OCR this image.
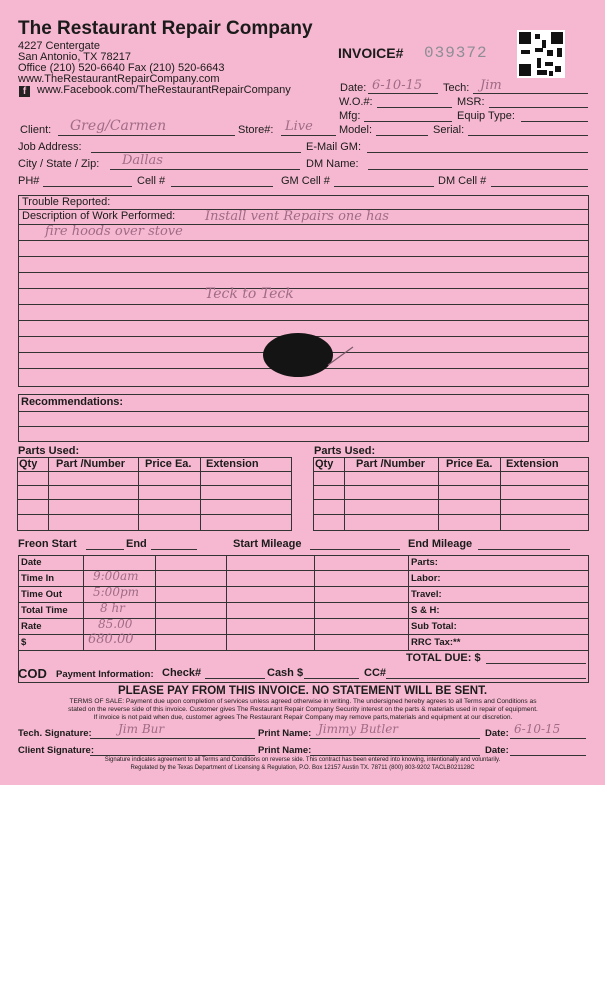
The Restaurant Repair Company
4227 Centergate
San Antonio, TX 78217
Office (210) 520-6640 Fax (210) 520-6643
www.TheRestaurantRepairCompany.com
f www.Facebook.com/TheRestaurantRepairCompany
INVOICE# 039372
Date: 6-10-15 Tech: Jim
W.O.#:	MSR:
Mfg:	Equip Type:
Client: Greg/Carmen	Store#: Live Model:	Serial:
Job Address:	E-Mail GM:
City / State / Zip: Dallas	DM Name:
PH#	Cell #	GM Cell #	DM Cell #
Trouble Reported:
Description of Work Performed: Install vent Repairs one has
fire hoods over stove
Teck to Teck
Recommendations:
Parts Used:
Qty Part /Number Price Ea. Extension
Parts Used:
Qty Part /Number Price Ea. Extension
Freon Start	End	Start Mileage	End Mileage
Date
Time In	9:00am
Time Out	5:00pm
Total Time	8 hr
Rate	85.00
$	680.00
Parts:
Labor:
Travel:
S & H:
Sub Total:
RRC Tax:**
TOTAL DUE: $
COD Payment Information: Check#	Cash $	CC#
PLEASE PAY FROM THIS INVOICE. NO STATEMENT WILL BE SENT.
TERMS OF SALE: Payment due upon completion of services unless agreed otherwise in writing. The undersigned hereby agrees to all Terms and Conditions as
stated on the reverse side of this invoice. Customer gives The Restaurant Repair Company Security interest on the parts & materials used in repair of equipment.
If invoice is not paid when due, customer agrees The Restaurant Repair Company may remove parts,materials and equipment at our discretion.
Tech. Signature: Jim Bur	Print Name: Jimmy Butler	Date: 6-10-15
Client Signature:	Print Name:	Date:
Signature indicates agreement to all Terms and Conditions on reverse side. This contract has been entered into knowing, intentionally and voluntarily.
Regulated by the Texas Department of Licensing & Regulation, P.O. Box 12157 Austin TX. 78711 (800) 803-9202 TACLB021128C
